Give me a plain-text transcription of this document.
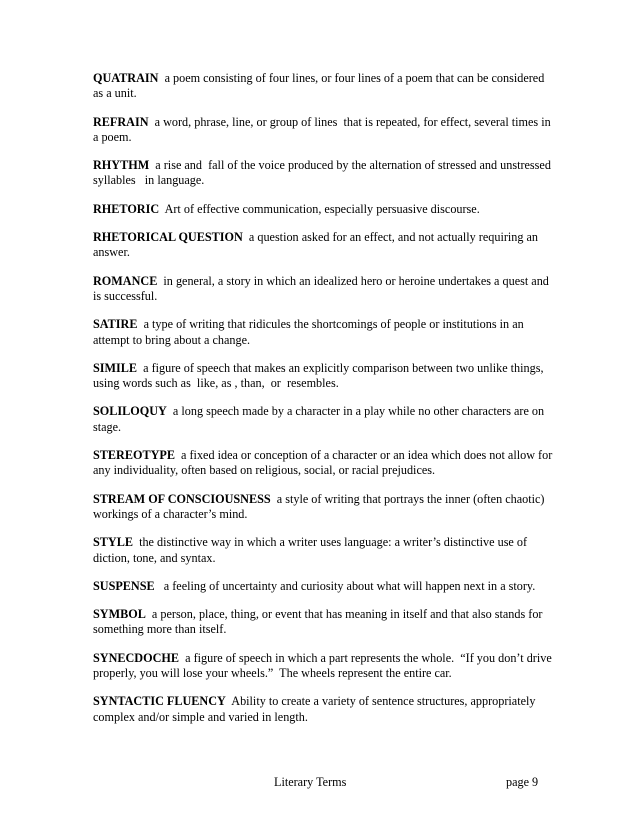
QUATRAIN  a poem consisting of four lines, or four lines of a poem that can be considered as a unit.

REFRAIN  a word, phrase, line, or group of lines  that is repeated, for effect, several times in a poem.

RHYTHM  a rise and  fall of the voice produced by the alternation of stressed and unstressed syllables   in language.

RHETORIC  Art of effective communication, especially persuasive discourse.

RHETORICAL QUESTION  a question asked for an effect, and not actually requiring an answer.

ROMANCE  in general, a story in which an idealized hero or heroine undertakes a quest and is successful.

SATIRE  a type of writing that ridicules the shortcomings of people or institutions in an attempt to bring about a change.

SIMILE  a figure of speech that makes an explicitly comparison between two unlike things, using words such as  like, as , than,  or  resembles.

SOLILOQUY  a long speech made by a character in a play while no other characters are on stage.

STEREOTYPE  a fixed idea or conception of a character or an idea which does not allow for any individuality, often based on religious, social, or racial prejudices.

STREAM OF CONSCIOUSNESS  a style of writing that portrays the inner (often chaotic) workings of a character’s mind.

STYLE  the distinctive way in which a writer uses language: a writer’s distinctive use of diction, tone, and syntax.

SUSPENSE   a feeling of uncertainty and curiosity about what will happen next in a story.

SYMBOL  a person, place, thing, or event that has meaning in itself and that also stands for something more than itself.

SYNECDOCHE  a figure of speech in which a part represents the whole.  “If you don’t drive properly, you will lose your wheels.”  The wheels represent the entire car.

SYNTACTIC FLUENCY  Ability to create a variety of sentence structures, appropriately complex and/or simple and varied in length.

Literary Terms	page 9
